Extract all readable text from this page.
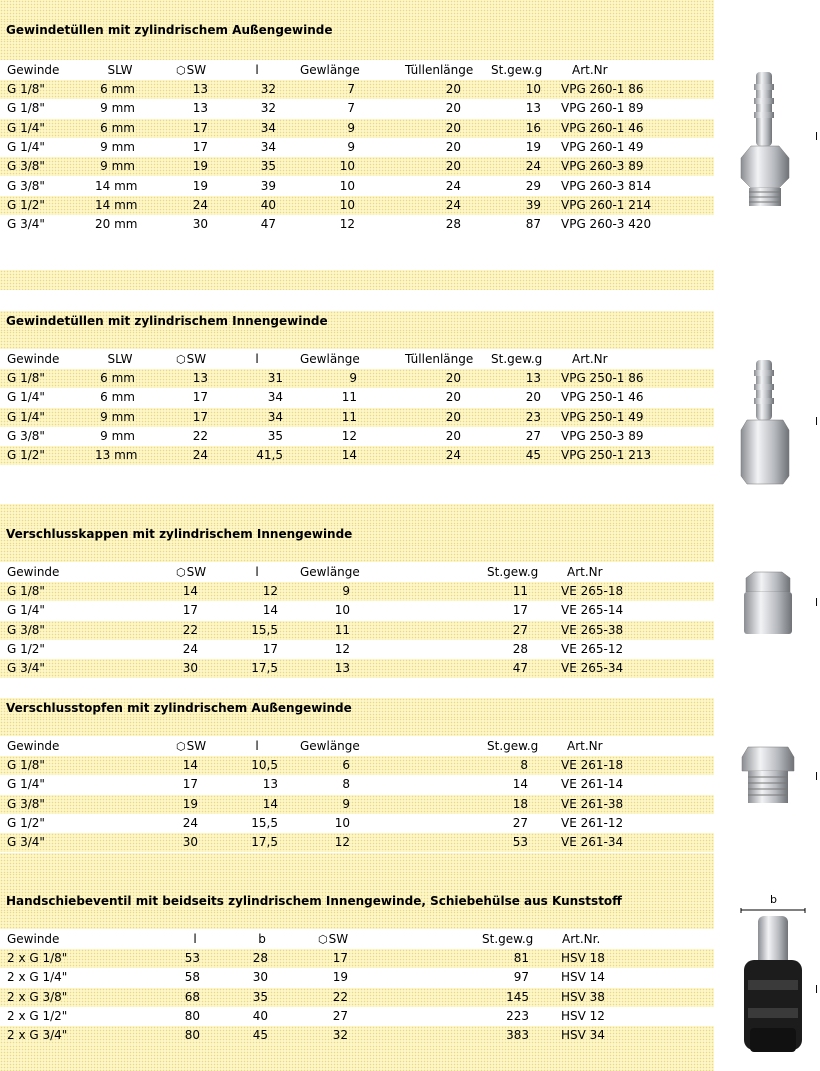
Gewindetüllen mit zylindrischem Außengewinde
Gewinde	SLW	⬡ SW	l	Gewlänge	Tüllenlänge St.gew.g Art.Nr
G 1/8"	6 mm	13	32	7	20	10 VPG 260-1 86
G 1/8"	9 mm	13	32	7	20	13 VPG 260-1 89
G 1/4"	6 mm	17	34	9	20	16 VPG 260-1 46
G 1/4"	9 mm	17	34	9	20	19 VPG 260-1 49
G 3/8"	9 mm	19	35	10	20	24 VPG 260-3 89
G 3/8"	14 mm	19	39	10	24	29 VPG 260-3 814
G 1/2"	14 mm	24	40	10	24	39 VPG 260-1 214
G 3/4"	20 mm	30	47	12	28	87 VPG 260-3 420
Gewindetüllen mit zylindrischem Innengewinde
Gewinde	SLW	⬡ SW	l	Gewlänge	Tüllenlänge St.gew.g Art.Nr
G 1/8"	6 mm	13	31	9	20	13 VPG 250-1 86
G 1/4"	6 mm	17	34	11	20	20 VPG 250-1 46
G 1/4"	9 mm	17	34	11	20	23 VPG 250-1 49
G 3/8"	9 mm	22	35	12	20	27 VPG 250-3 89
G 1/2"	13 mm	24	41,5	14	24	45 VPG 250-1 213
Verschlusskappen mit zylindrischem Innengewinde
Gewinde	⬡ SW	l	Gewlänge	St.gew.g Art.Nr
G 1/8"	14	12	9	11	VE 265-18
G 1/4"	17	14	10	17	VE 265-14
G 3/8"	22	15,5	11	27	VE 265-38
G 1/2"	24	17	12	28	VE 265-12
G 3/4"	30	17,5	13	47	VE 265-34
Verschlusstopfen mit zylindrischem Außengewinde
Gewinde	⬡ SW	l	Gewlänge	St.gew.g Art.Nr
G 1/8"	14	10,5	6	8	VE 261-18
G 1/4"	17	13	8	14	VE 261-14
G 3/8"	19	14	9	18	VE 261-38
G 1/2"	24	15,5	10	27	VE 261-12
G 3/4"	30	17,5	12	53	VE 261-34
Handschiebeventil mit beidseits zylindrischem Innengewinde, Schiebehülse aus Kunststoff
Gewinde	l	b	⬡ SW	St.gew.g Art.Nr.
2 x G 1/8"	53	28	17	81	HSV 18
2 x G 1/4"	58	30	19	97	HSV 14
2 x G 3/8"	68	35	22	145	HSV 38
2 x G 1/2"	80	40	27	223	HSV 12
2 x G 3/4"	80	45	32	383	HSV 34
l
l
l
l
b
l
